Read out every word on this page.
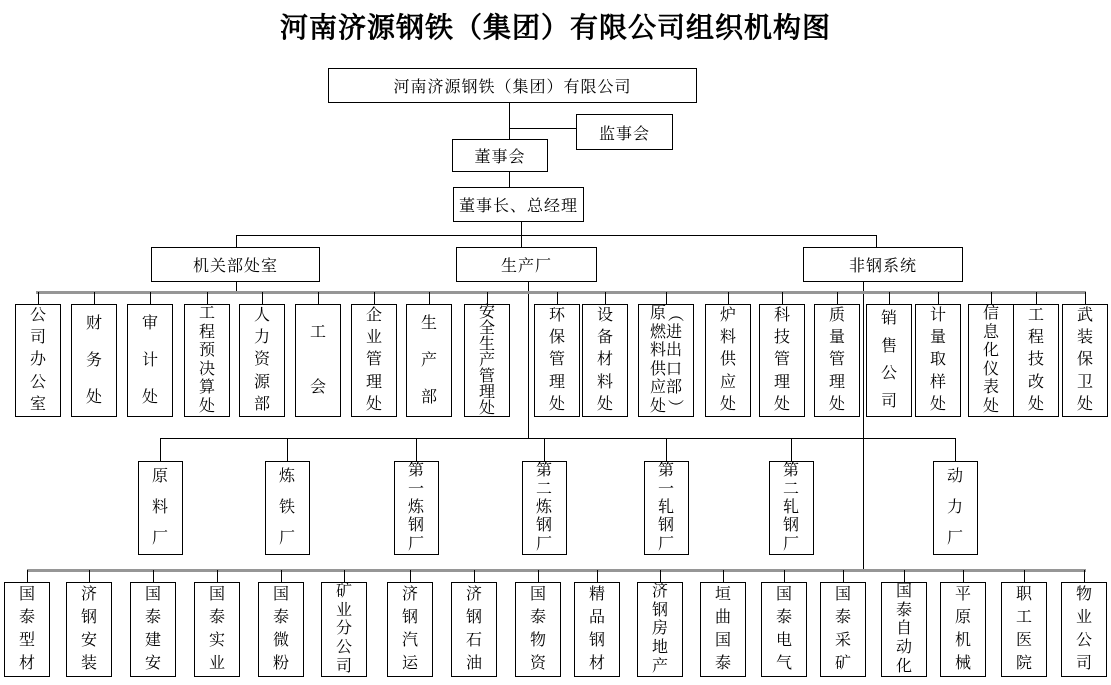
河南济源钢铁（集团）有限公司组织机构图
河南济源钢铁（集团）有限公司
监事会
董事会
董事长、总经理
机关部处室	生产厂	非钢系统
公
司
办
公
室
财
务
处
审
计
处
工
程
预
决
算
处
人
力
资
源
部
工
会
企
业
管
理
处
生
产
部
安
全
生
产
管
理
处
环
保
管
理
处
设
备
材
料
处
原
燃
料
供
应
处
（
进
出
口
部
）
炉
料
供
应
处
科
技
管
理
处
质
量
管
理
处
销
售
公
司
计
量
取
样
处
信
息
化
仪
表
处
工
程
技
改
处
武
装
保
卫
处
原
料
厂
炼
铁
厂
第
一
炼
钢
厂
第
二
炼
钢
厂
第
一
轧
钢
厂
第
二
轧
钢
厂
动
力
厂
国
泰
型
材
济
钢
安
装
国
泰
建
安
国
泰
实
业
国
泰
微
粉
矿
业
分
公
司
济
钢
汽
运
济
钢
石
油
国
泰
物
资
精
品
钢
材
济
钢
房
地
产
垣
曲
国
泰
国
泰
电
气
国
泰
采
矿
国
泰
自
动
化
平
原
机
械
职
工
医
院
物
业
公
司
